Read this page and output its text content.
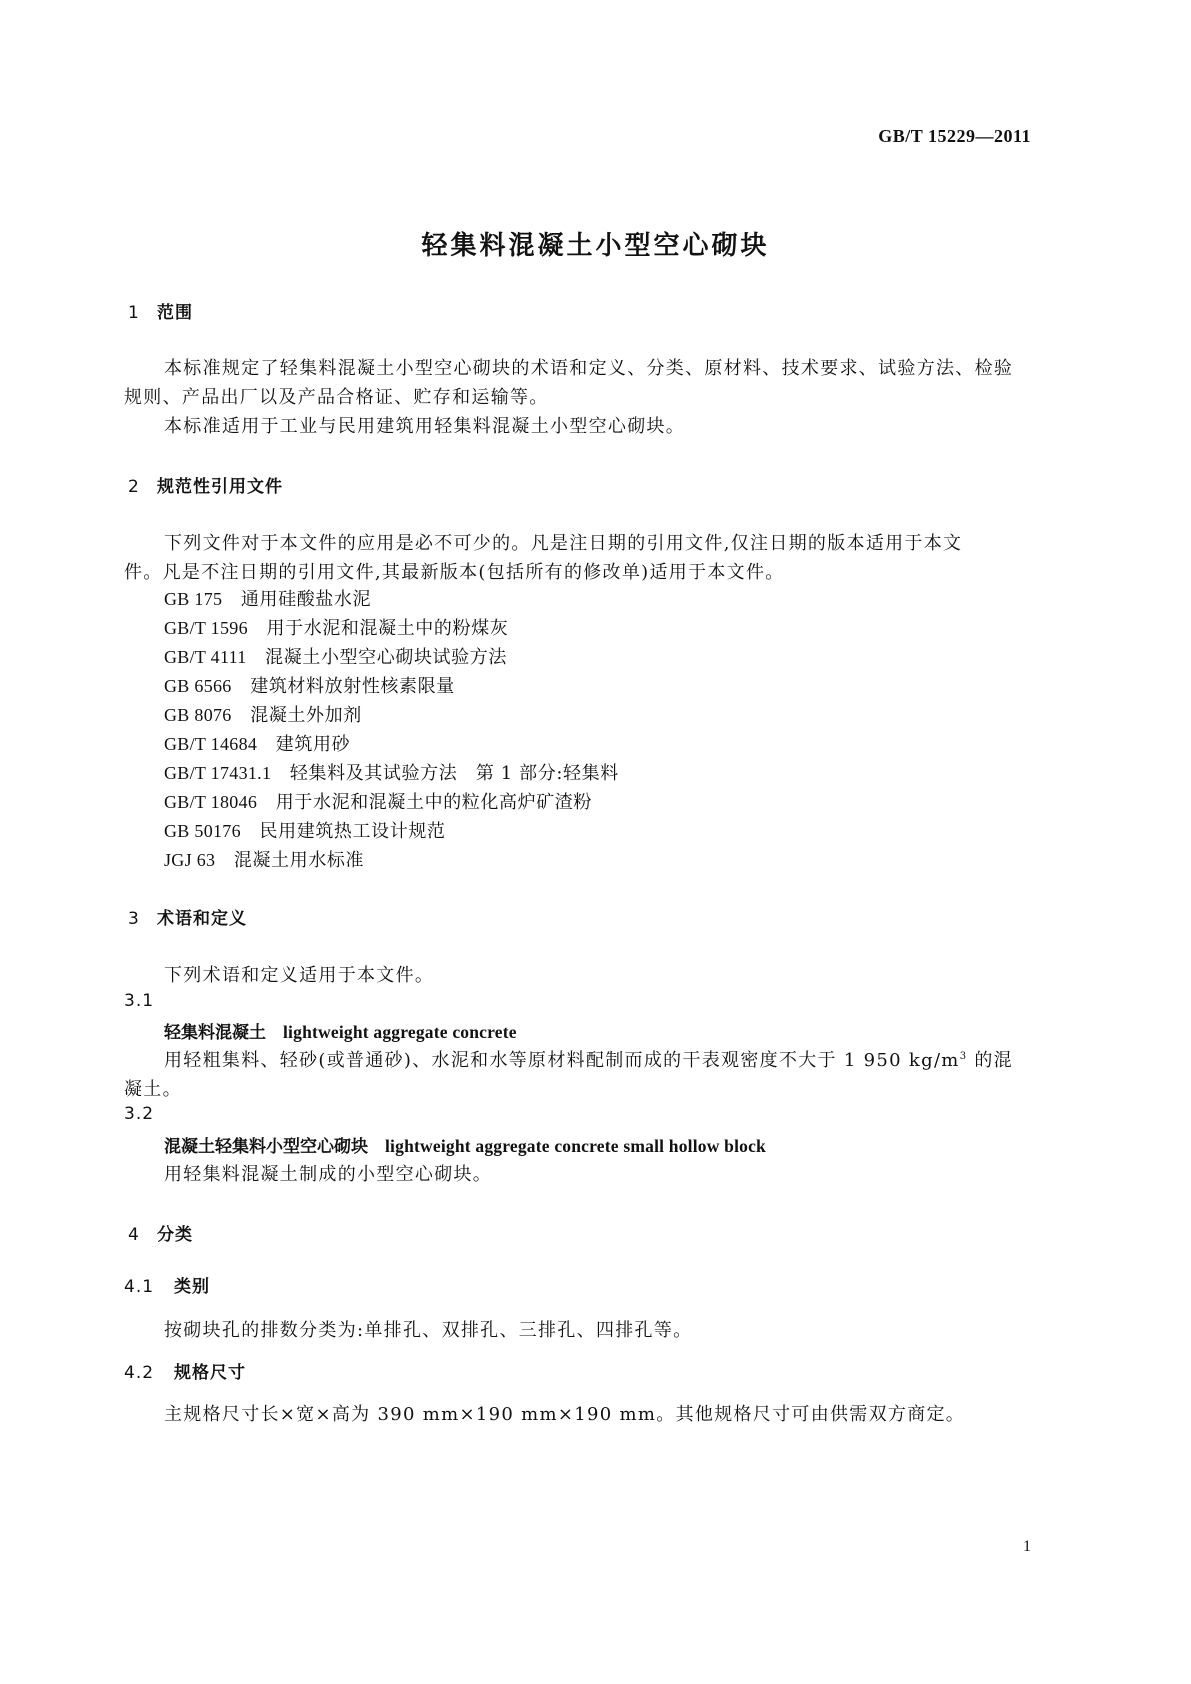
GB/T 15229—2011
轻集料混凝土小型空心砌块
1 范围
本标准规定了轻集料混凝土小型空心砌块的术语和定义、分类、原材料、技术要求、试验方法、检验
规则、产品出厂以及产品合格证、贮存和运输等。
本标准适用于工业与民用建筑用轻集料混凝土小型空心砌块。
2 规范性引用文件
下列文件对于本文件的应用是必不可少的。凡是注日期的引用文件,仅注日期的版本适用于本文
件。凡是不注日期的引用文件,其最新版本(包括所有的修改单)适用于本文件。
GB 175　 通用硅酸盐水泥
GB/T 1596　 用于水泥和混凝土中的粉煤灰
GB/T 4111　 混凝土小型空心砌块试验方法
GB 6566　 建筑材料放射性核素限量
GB 8076　 混凝土外加剂
GB/T 14684　 建筑用砂
GB/T 17431.1　 轻集料及其试验方法　第 1 部分:轻集料
GB/T 18046　 用于水泥和混凝土中的粒化高炉矿渣粉
GB 50176　 民用建筑热工设计规范
JGJ 63　 混凝土用水标准
3 术语和定义
下列术语和定义适用于本文件。
3.1
轻集料混凝土　 lightweight aggregate concrete
用轻粗集料、轻砂(或普通砂)、水泥和水等原材料配制而成的干表观密度不大于 1 950 $kg/m^3$ 的混
凝土。
3.2
混凝土轻集料小型空心砌块　 lightweight aggregate concrete small hollow block
用轻集料混凝土制成的小型空心砌块。
4 分类
4.1 类别
按砌块孔的排数分类为:单排孔、双排孔、三排孔、四排孔等。
4.2 规格尺寸
主规格尺寸长×宽×高为 390 mm×190 mm×190 mm。其他规格尺寸可由供需双方商定。
1
